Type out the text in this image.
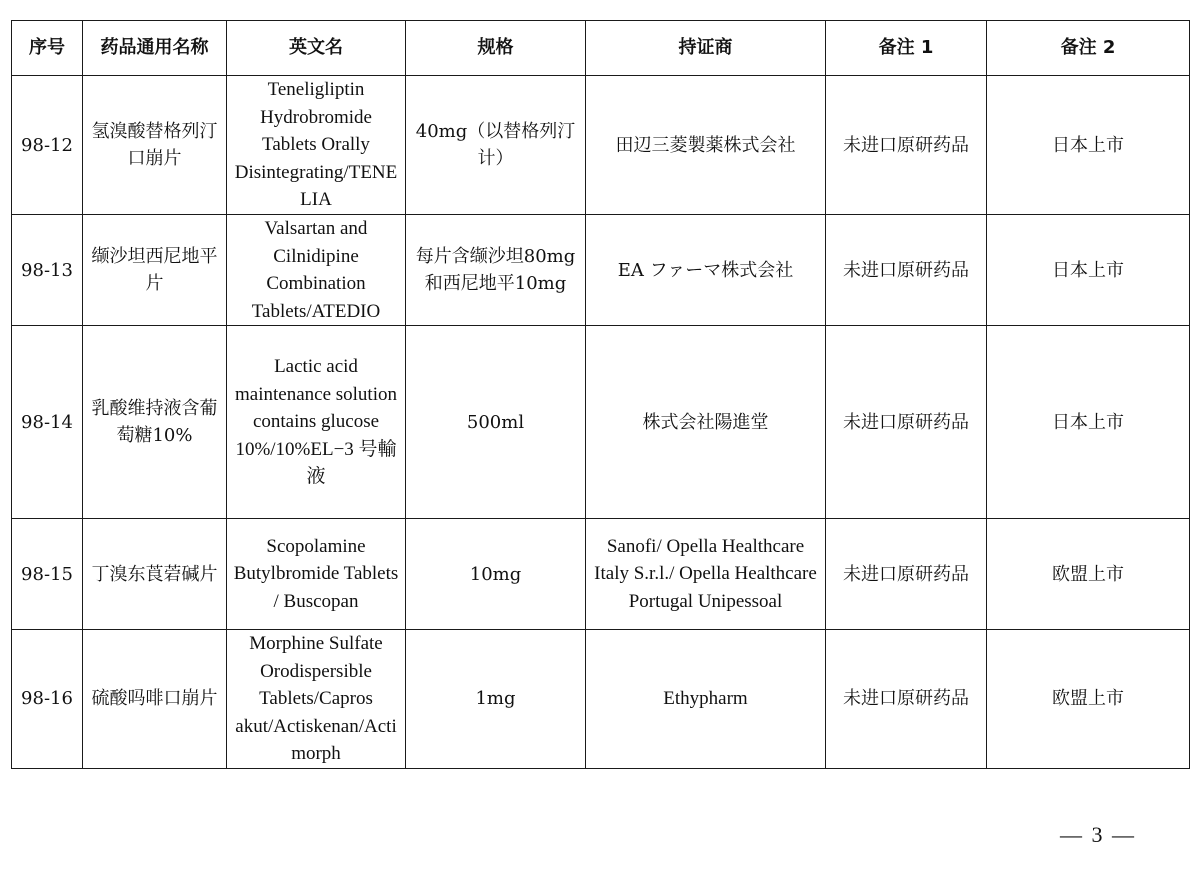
序号	药品通用名称	英文名	规格	持证商	备注 1	备注 2
98-12	氢溴酸替格列汀口崩片	Teneligliptin Hydrobromide Tablets Orally Disintegrating/TENELIA	40mg（以替格列汀计）	田辺三菱製薬株式会社	未进口原研药品	日本上市
98-13	缬沙坦西尼地平片	Valsartan and Cilnidipine Combination Tablets/ATEDIO	每片含缬沙坦80mg 和西尼地平10mg	EA ファーマ株式会社	未进口原研药品	日本上市
98-14	乳酸维持液含葡萄糖10%	Lactic acid maintenance solution contains glucose 10%/10%EL−3 号輸液	500ml	株式会社陽進堂	未进口原研药品	日本上市
98-15	丁溴东莨菪碱片	Scopolamine Butylbromide Tablets / Buscopan	10mg	Sanofi/ Opella Healthcare Italy S.r.l./ Opella Healthcare Portugal Unipessoal	未进口原研药品	欧盟上市
98-16	硫酸吗啡口崩片	Morphine Sulfate Orodispersible Tablets/Capros akut/Actiskenan/Actimorph	1mg	Ethypharm	未进口原研药品	欧盟上市
— 3 —
